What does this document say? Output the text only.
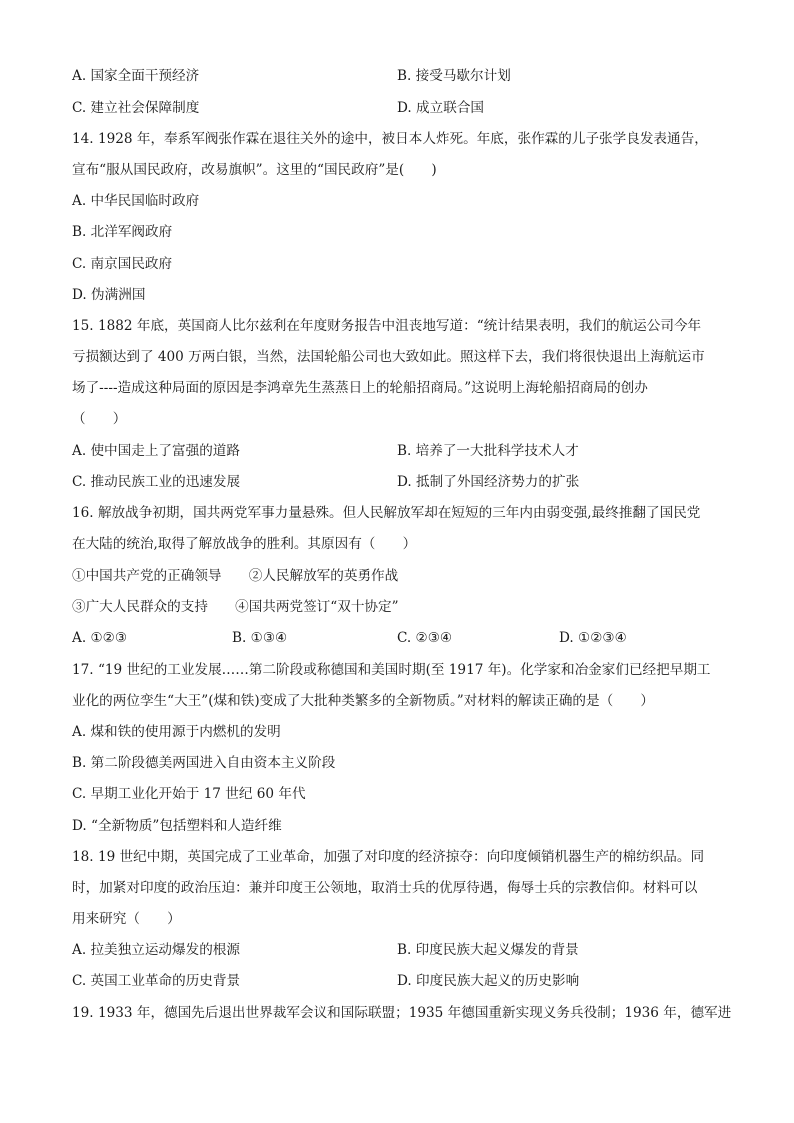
A. 国家全面干预经济	B. 接受马歇尔计划
C. 建立社会保障制度	D. 成立联合国
14. 1928 年，奉系军阀张作霖在退往关外的途中，被日本人炸死。年底，张作霖的儿子张学良发表通告，
宣布“服从国民政府，改易旗帜”。这里的“国民政府”是(　　)
A. 中华民国临时政府
B. 北洋军阀政府
C. 南京国民政府
D. 伪满洲国
15. 1882 年底，英国商人比尔兹利在年度财务报告中沮丧地写道：“统计结果表明，我们的航运公司今年
亏损额达到了 400 万两白银，当然，法国轮船公司也大致如此。照这样下去，我们将很快退出上海航运市
场了----造成这种局面的原因是李鸿章先生蒸蒸日上的轮船招商局。”这说明上海轮船招商局的创办
（　　）
A. 使中国走上了富强的道路	B. 培养了一大批科学技术人才
C. 推动民族工业的迅速发展	D. 抵制了外国经济势力的扩张
16. 解放战争初期，国共两党军事力量悬殊。但人民解放军却在短短的三年内由弱变强,最终推翻了国民党
在大陆的统治,取得了解放战争的胜利。其原因有（　　）
①中国共产党的正确领导　　②人民解放军的英勇作战
③广大人民群众的支持　　④国共两党签订“双十协定”
A. ①②③	B. ①③④	C. ②③④	D. ①②③④
17. “19 世纪的工业发展……第二阶段或称德国和美国时期(至 1917 年)。化学家和冶金家们已经把早期工
业化的两位孪生“大王”(煤和铁)变成了大批种类繁多的全新物质。”对材料的解读正确的是（　　）
A. 煤和铁的使用源于内燃机的发明
B. 第二阶段德美两国进入自由资本主义阶段
C. 早期工业化开始于 17 世纪 60 年代
D. “全新物质”包括塑料和人造纤维
18. 19 世纪中期，英国完成了工业革命，加强了对印度的经济掠夺：向印度倾销机器生产的棉纺织品。同
时，加紧对印度的政治压迫：兼并印度王公领地，取消士兵的优厚待遇，侮辱士兵的宗教信仰。材料可以
用来研究（　　）
A. 拉美独立运动爆发的根源	B. 印度民族大起义爆发的背景
C. 英国工业革命的历史背景	D. 印度民族大起义的历史影响
19. 1933 年，德国先后退出世界裁军会议和国际联盟；1935 年德国重新实现义务兵役制；1936 年，德军进
